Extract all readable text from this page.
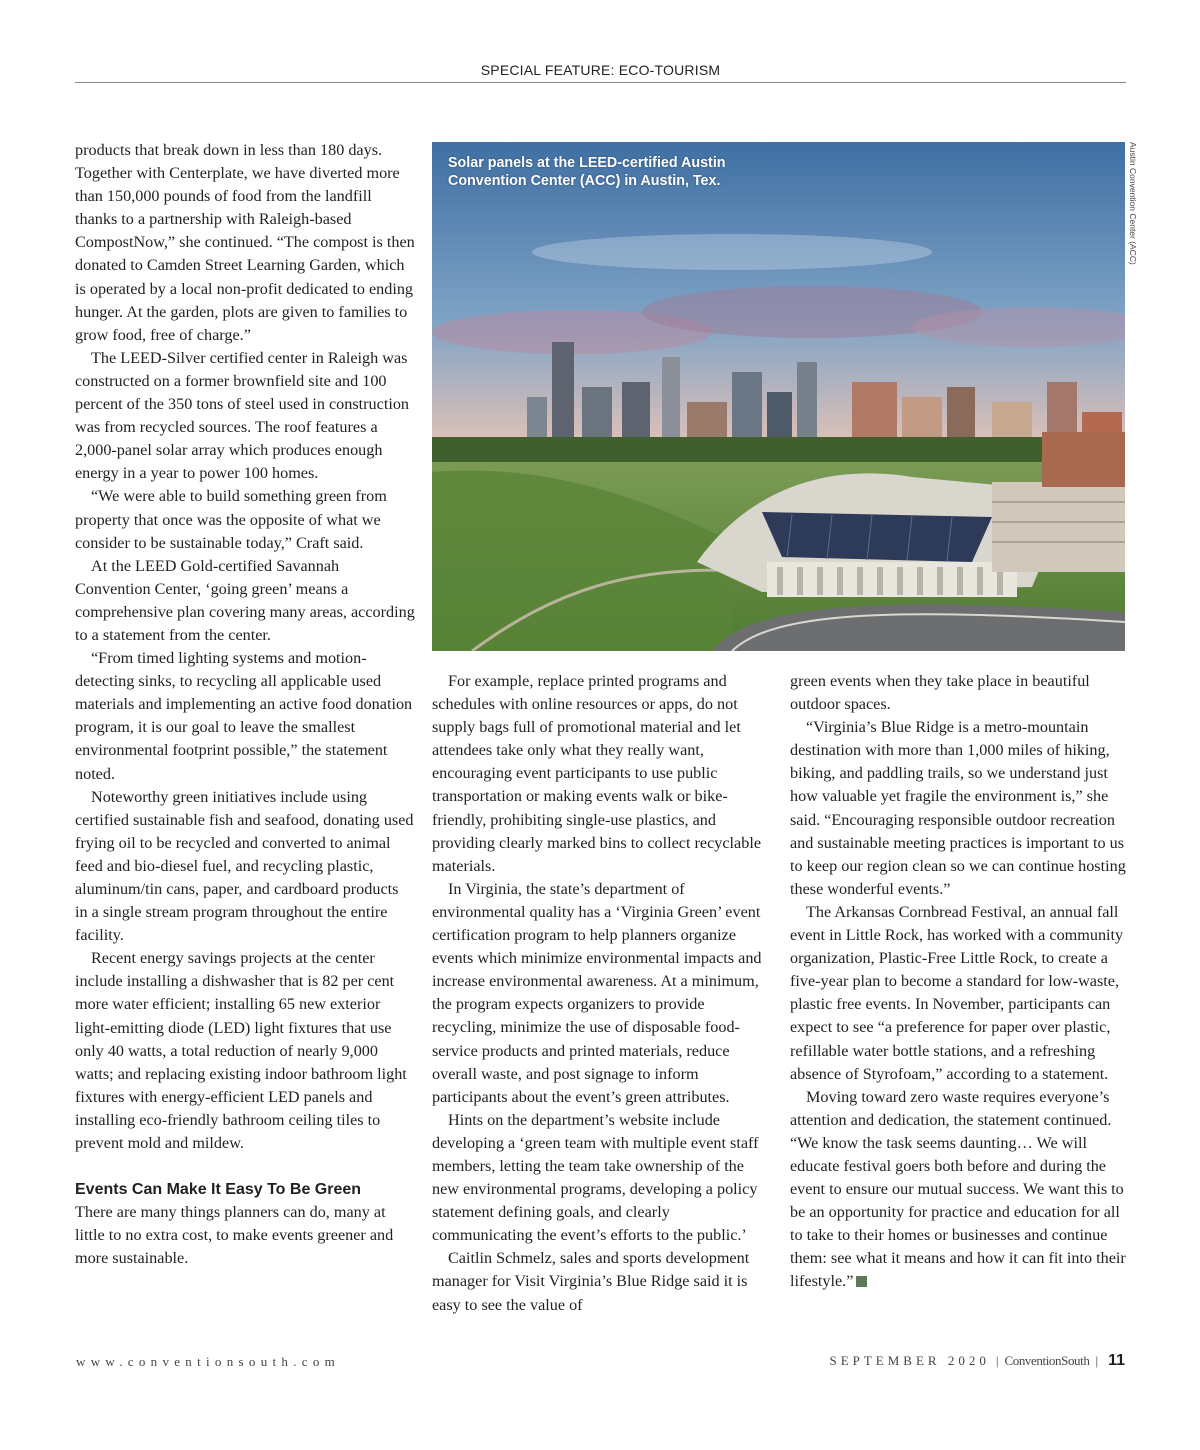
SPECIAL FEATURE: ECO-TOURISM

products that break down in less than 180 days. Together with Centerplate, we have diverted more than 150,000 pounds of food from the landfill thanks to a partnership with Raleigh-based CompostNow,” she continued. “The compost is then donated to Camden Street Learning Garden, which is operated by a local non-profit dedicated to ending hunger. At the garden, plots are given to families to grow food, free of charge.”

The LEED-Silver certified center in Raleigh was constructed on a former brownfield site and 100 percent of the 350 tons of steel used in construction was from recycled sources. The roof features a 2,000-panel solar array which produces enough energy in a year to power 100 homes.

“We were able to build something green from property that once was the opposite of what we consider to be sustainable today,” Craft said.

At the LEED Gold-certified Savannah Convention Center, ‘going green’ means a comprehensive plan covering many areas, according to a statement from the center.

“From timed lighting systems and motion-detecting sinks, to recycling all applicable used materials and implementing an active food donation program, it is our goal to leave the smallest environmental footprint possible,” the statement noted.

Noteworthy green initiatives include using certified sustainable fish and seafood, donating used frying oil to be recycled and converted to animal feed and bio-diesel fuel, and recycling plastic, aluminum/tin cans, paper, and cardboard products in a single stream program throughout the entire facility.

Recent energy savings projects at the center include installing a dishwasher that is 82 per cent more water efficient; installing 65 new exterior light-emitting diode (LED) light fixtures that use only 40 watts, a total reduction of nearly 9,000 watts; and replacing existing indoor bathroom light fixtures with energy-efficient LED panels and installing eco-friendly bathroom ceiling tiles to prevent mold and mildew.

Events Can Make It Easy To Be Green

There are many things planners can do, many at little to no extra cost, to make events greener and more sustainable.

Solar panels at the LEED-certified Austin Convention Center (ACC) in Austin, Tex.	Austin Convention Center (ACC)

For example, replace printed programs and schedules with online resources or apps, do not supply bags full of promotional material and let attendees take only what they really want, encouraging event participants to use public transportation or making events walk or bike-friendly, prohibiting single-use plastics, and providing clearly marked bins to collect recyclable materials.

In Virginia, the state’s department of environmental quality has a ‘Virginia Green’ event certification program to help planners organize events which minimize environmental impacts and increase environmental awareness. At a minimum, the program expects organizers to provide recycling, minimize the use of disposable food-service products and printed materials, reduce overall waste, and post signage to inform participants about the event’s green attributes.

Hints on the department’s website include developing a ‘green team with multiple event staff members, letting the team take ownership of the new environmental programs, developing a policy statement defining goals, and clearly communicating the event’s efforts to the public.’

Caitlin Schmelz, sales and sports development manager for Visit Virginia’s Blue Ridge said it is easy to see the value of

green events when they take place in beautiful outdoor spaces.

“Virginia’s Blue Ridge is a metro-mountain destination with more than 1,000 miles of hiking, biking, and paddling trails, so we understand just how valuable yet fragile the environment is,” she said. “Encouraging responsible outdoor recreation and sustainable meeting practices is important to us to keep our region clean so we can continue hosting these wonderful events.”

The Arkansas Cornbread Festival, an annual fall event in Little Rock, has worked with a community organization, Plastic-Free Little Rock, to create a five-year plan to become a standard for low-waste, plastic free events. In November, participants can expect to see “a preference for paper over plastic, refillable water bottle stations, and a refreshing absence of Styrofoam,” according to a statement.

Moving toward zero waste requires everyone’s attention and dedication, the statement continued. “We know the task seems daunting… We will educate festival goers both before and during the event to ensure our mutual success. We want this to be an opportunity for practice and education for all to take to their homes or businesses and continue them: see what it means and how it can fit into their lifestyle.”

www.conventionsouth.com	SEPTEMBER 2020 | ConventionSouth | 11
